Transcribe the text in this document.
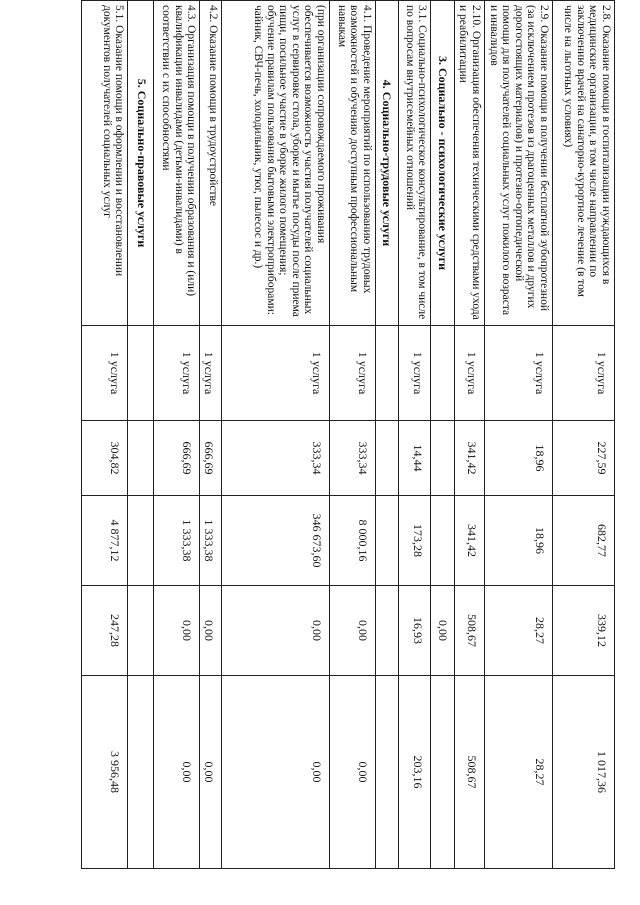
2.8. Оказание помощи в госпитализации нуждающихся в медицинские организации, в том числе направлении по заключению врачей на санаторно-курортное лечение (в том числе на льготных условиях)	1 услуга	227,59	682,77	339,12	1 017,36
2.9. Оказание помощи в получении бесплатной зубопротезной (за исключением протезов из драгоценных металлов и других дорогостоящих материалов) и протезно-ортопедической помощи для получателей социальных услуг пожилого возраста и инвалидов	1 услуга	18,96	18,96	28,27	28,27
2.10. Организация обеспечения техническими средствами ухода и реабилитации	1 услуга	341,42	341,42	508,67	508,67
3. Социально - психологические услуги				0,00	
3.1. Социально-психологическое консультирование, в том числе по вопросам внутрисемейных отношений	1 услуга	14,44	173,28	16,93	203,16
4. Социально-трудовые услуги					
4.1. Проведение мероприятий по использованию трудовых возможностей и обучению доступным профессиональным навыкам	1 услуга	333,34	8 000,16	0,00	0,00
(при организации сопровождаемого проживания обеспечивается возможность участия получателей социальных услуг в сервировке стола, уборке и мытье посуды после приема пищи, посильное участие в уборке жилого помещения; обучение правилам пользования бытовыми электроприборами: чайник, СВЧ-печь, холодильник, утюг, пылесос и др.)	1 услуга	333,34	346 673,60	0,00	0,00
4.2. Оказание помощи в трудоустройстве	1 услуга	666,69	1 333,38	0,00	0,00
4.3. Организация помощи в получении образования и (или) квалификации инвалидами (детьми-инвалидами) в соответствии с их способностями	1 услуга	666,69	1 333,38	0,00	0,00
5. Социально-правовые услуги					
5.1. Оказание помощи в оформлении и восстановлении документов получателей социальных услуг	1 услуга	304,82	4 877,12	247,28	3 956,48
